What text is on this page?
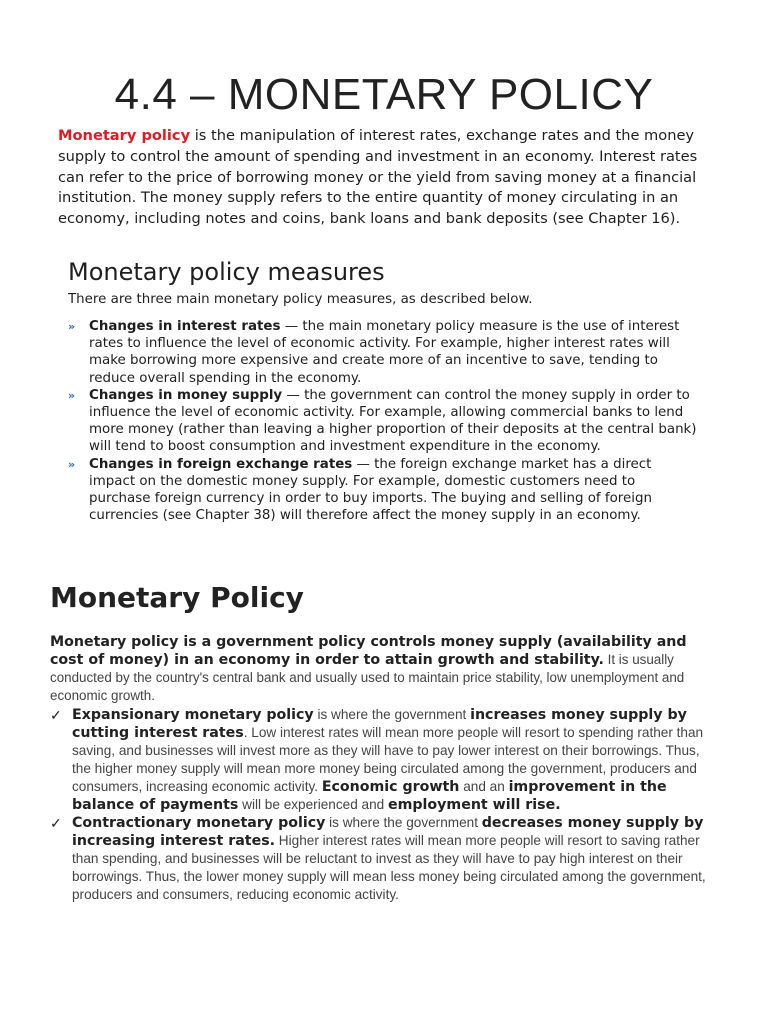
4.4 – MONETARY POLICY

Monetary policy is the manipulation of interest rates, exchange rates and the money supply to control the amount of spending and investment in an economy. Interest rates can refer to the price of borrowing money or the yield from saving money at a financial institution. The money supply refers to the entire quantity of money circulating in an economy, including notes and coins, bank loans and bank deposits (see Chapter 16).

Monetary policy measures

There are three main monetary policy measures, as described below.

» Changes in interest rates — the main monetary policy measure is the use of interest rates to influence the level of economic activity. For example, higher interest rates will make borrowing more expensive and create more of an incentive to save, tending to reduce overall spending in the economy.
» Changes in money supply — the government can control the money supply in order to influence the level of economic activity. For example, allowing commercial banks to lend more money (rather than leaving a higher proportion of their deposits at the central bank) will tend to boost consumption and investment expenditure in the economy.
» Changes in foreign exchange rates — the foreign exchange market has a direct impact on the domestic money supply. For example, domestic customers need to purchase foreign currency in order to buy imports. The buying and selling of foreign currencies (see Chapter 38) will therefore affect the money supply in an economy.
Monetary Policy

Monetary policy is a government policy controls money supply (availability and cost of money) in an economy in order to attain growth and stability. It is usually conducted by the country's central bank and usually used to maintain price stability, low unemployment and economic growth.

✓ Expansionary monetary policy is where the government increases money supply by cutting interest rates. Low interest rates will mean more people will resort to spending rather than saving, and businesses will invest more as they will have to pay lower interest on their borrowings. Thus, the higher money supply will mean more money being circulated among the government, producers and consumers, increasing economic activity. Economic growth and an improvement in the balance of payments will be experienced and employment will rise.
✓ Contractionary monetary policy is where the government decreases money supply by increasing interest rates. Higher interest rates will mean more people will resort to saving rather than spending, and businesses will be reluctant to invest as they will have to pay high interest on their borrowings. Thus, the lower money supply will mean less money being circulated among the government, producers and consumers, reducing economic activity.
